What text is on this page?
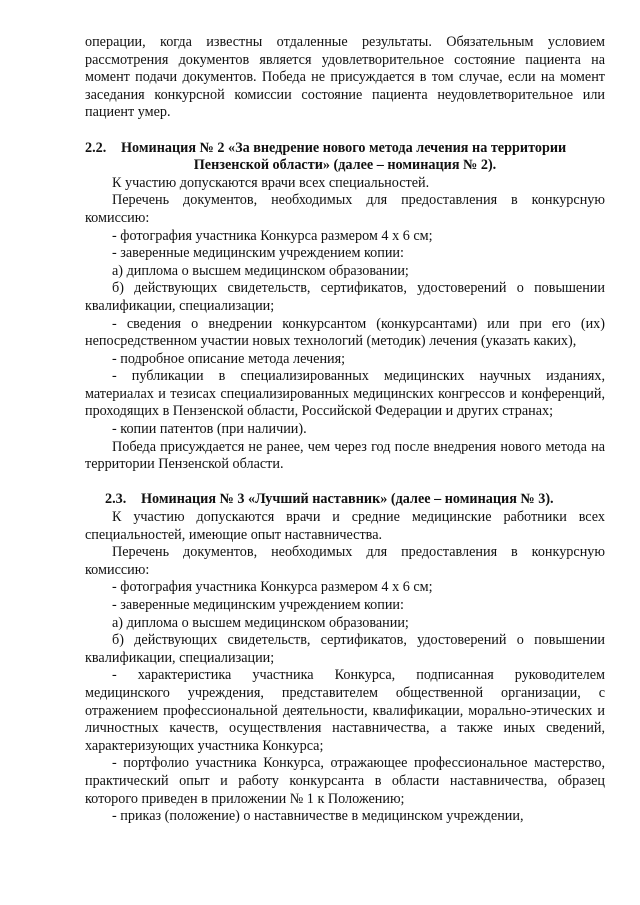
операции, когда известны отдаленные результаты. Обязательным условием рассмотрения документов является удовлетворительное состояние пациента на момент подачи документов. Победа не присуждается в том случае, если на момент заседания конкурсной комиссии состояние пациента неудовлетворительное или пациент умер.

2.2.	Номинация № 2 «За внедрение нового метода лечения на территории
Пензенской области» (далее – номинация № 2).

К участию допускаются врачи всех специальностей.

Перечень документов, необходимых для предоставления в конкурсную комиссию:

- фотография участника Конкурса размером 4 х 6 см;

- заверенные медицинским учреждением копии:

а) диплома о высшем медицинском образовании;

б) действующих свидетельств, сертификатов, удостоверений о повышении квалификации, специализации;

- сведения о внедрении конкурсантом (конкурсантами) или при его (их) непосредственном участии новых технологий (методик) лечения (указать каких),

- подробное описание метода лечения;

- публикации в специализированных медицинских научных изданиях, материалах и тезисах специализированных медицинских конгрессов и конференций, проходящих в Пензенской области, Российской Федерации и других странах;

- копии патентов (при наличии).

Победа присуждается не ранее, чем через год после внедрения нового метода на территории Пензенской области.

2.3. Номинация № 3 «Лучший наставник» (далее – номинация № 3).

К участию допускаются врачи и средние медицинские работники всех специальностей, имеющие опыт наставничества.

Перечень документов, необходимых для предоставления в конкурсную комиссию:

- фотография участника Конкурса размером 4 х 6 см;

- заверенные медицинским учреждением копии:

а) диплома о высшем медицинском образовании;

б) действующих свидетельств, сертификатов, удостоверений о повышении квалификации, специализации;

- характеристика участника Конкурса, подписанная руководителем медицинского учреждения, представителем общественной организации, с отражением профессиональной деятельности, квалификации, морально-этических и личностных качеств, осуществления наставничества, а также иных сведений, характеризующих участника Конкурса;

- портфолио участника Конкурса, отражающее профессиональное мастерство, практический опыт и работу конкурсанта в области наставничества, образец которого приведен в приложении № 1 к Положению;

- приказ (положение) о наставничестве в медицинском учреждении,
